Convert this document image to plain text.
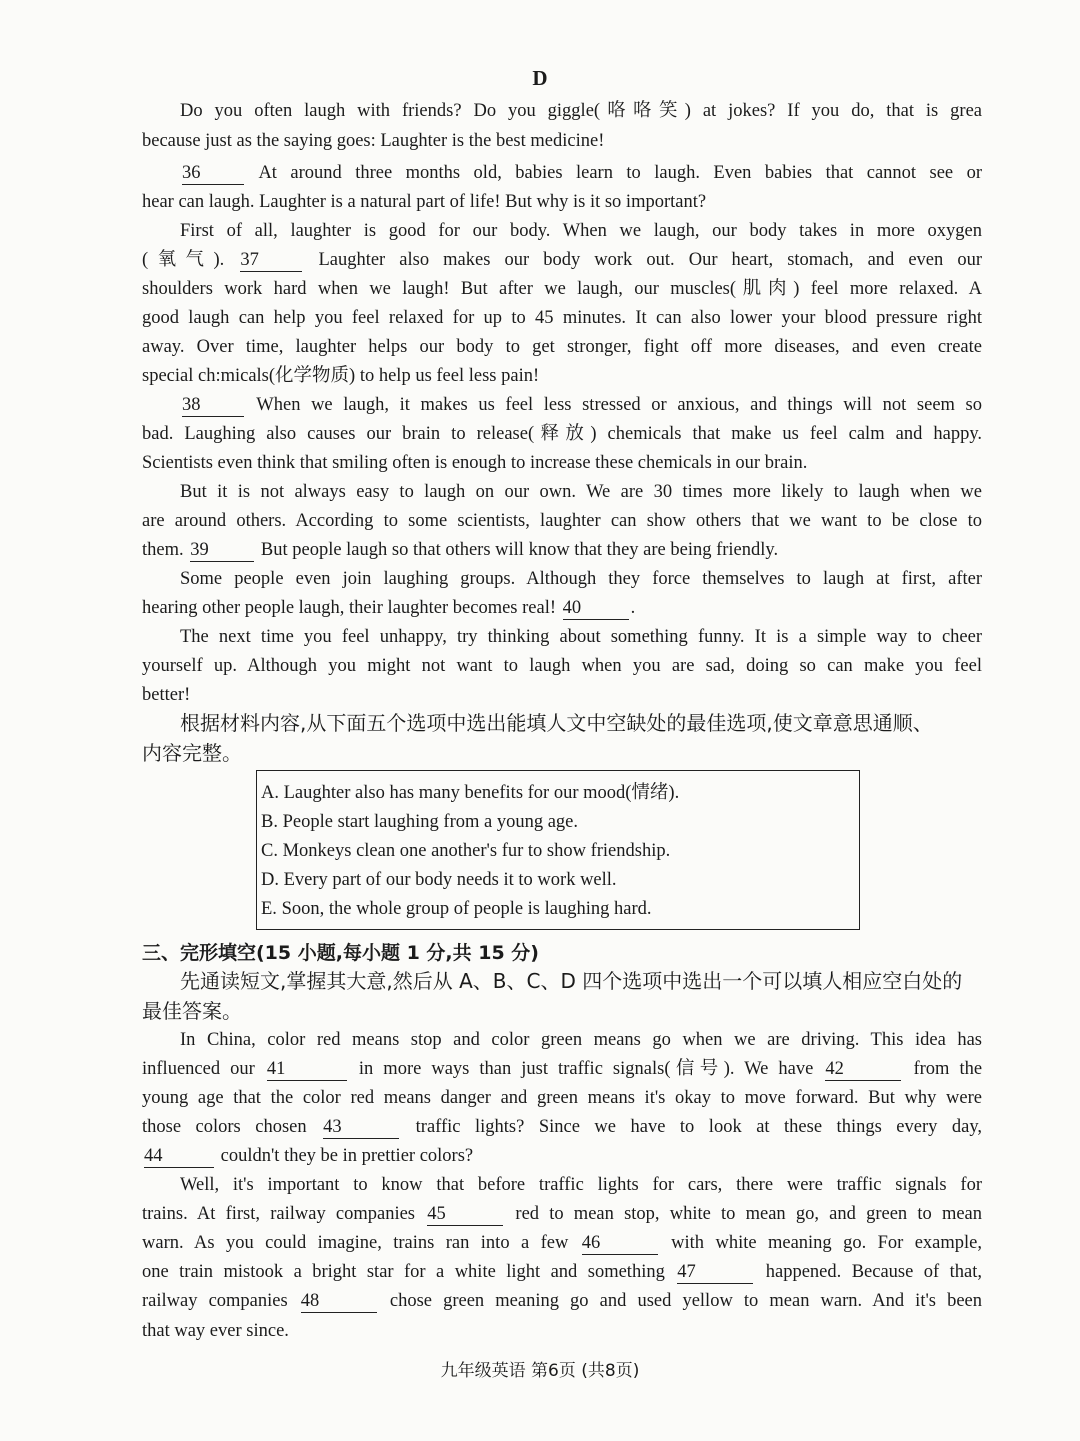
D
Do you often laugh with friends? Do you giggle(咯咯笑) at jokes? If you do, that is grea
because just as the saying goes: Laughter is the best medicine!
36	At around three months old, babies learn to laugh. Even babies that cannot see or
hear can laugh. Laughter is a natural part of life! But why is it so important?
First of all, laughter is good for our body. When we laugh, our body takes in more oxygen
(氧气). 37	Laughter also makes our body work out. Our heart, stomach, and even our
shoulders work hard when we laugh! But after we laugh, our muscles(肌肉) feel more relaxed. A
good laugh can help you feel relaxed for up to 45 minutes. It can also lower your blood pressure right
away. Over time, laughter helps our body to get stronger, fight off more diseases, and even create
special ch:micals(化学物质) to help us feel less pain!
38	When we laugh, it makes us feel less stressed or anxious, and things will not seem so
bad. Laughing also causes our brain to release(释放) chemicals that make us feel calm and happy.
Scientists even think that smiling often is enough to increase these chemicals in our brain.
But it is not always easy to laugh on our own. We are 30 times more likely to laugh when we
are around others. According to some scientists, laughter can show others that we want to be close to
them. 39	But people laugh so that others will know that they are being friendly.
Some people even join laughing groups. Although they force themselves to laugh at first, after
hearing other people laugh, their laughter becomes real! 40	.
The next time you feel unhappy, try thinking about something funny. It is a simple way to cheer
yourself up. Although you might not want to laugh when you are sad, doing so can make you feel
better!
根据材料内容,从下面五个选项中选出能填人文中空缺处的最佳选项,使文章意思通顺、
内容完整。
A. Laughter also has many benefits for our mood(情绪).
B. People start laughing from a young age.
C. Monkeys clean one another's fur to show friendship.
D. Every part of our body needs it to work well.
E. Soon, the whole group of people is laughing hard.
三、完形填空(15 小题,每小题 1 分,共 15 分)
先通读短文,掌握其大意,然后从 A、B、C、D 四个选项中选出一个可以填人相应空白处的
最佳答案。
In China, color red means stop and color green means go when we are driving. This idea has
influenced our 41	in more ways than just traffic signals(信号). We have 42	from the
young age that the color red means danger and green means it's okay to move forward. But why were
those colors chosen 43	traffic lights? Since we have to look at these things every day,
44	couldn't they be in prettier colors?
Well, it's important to know that before traffic lights for cars, there were traffic signals for
trains. At first, railway companies 45	red to mean stop, white to mean go, and green to mean
warn. As you could imagine, trains ran into a few 46	with white meaning go. For example,
one train mistook a bright star for a white light and something 47	happened. Because of that,
railway companies 48	chose green meaning go and used yellow to mean warn. And it's been
that way ever since.
九年级英语 第6页 (共8页)
